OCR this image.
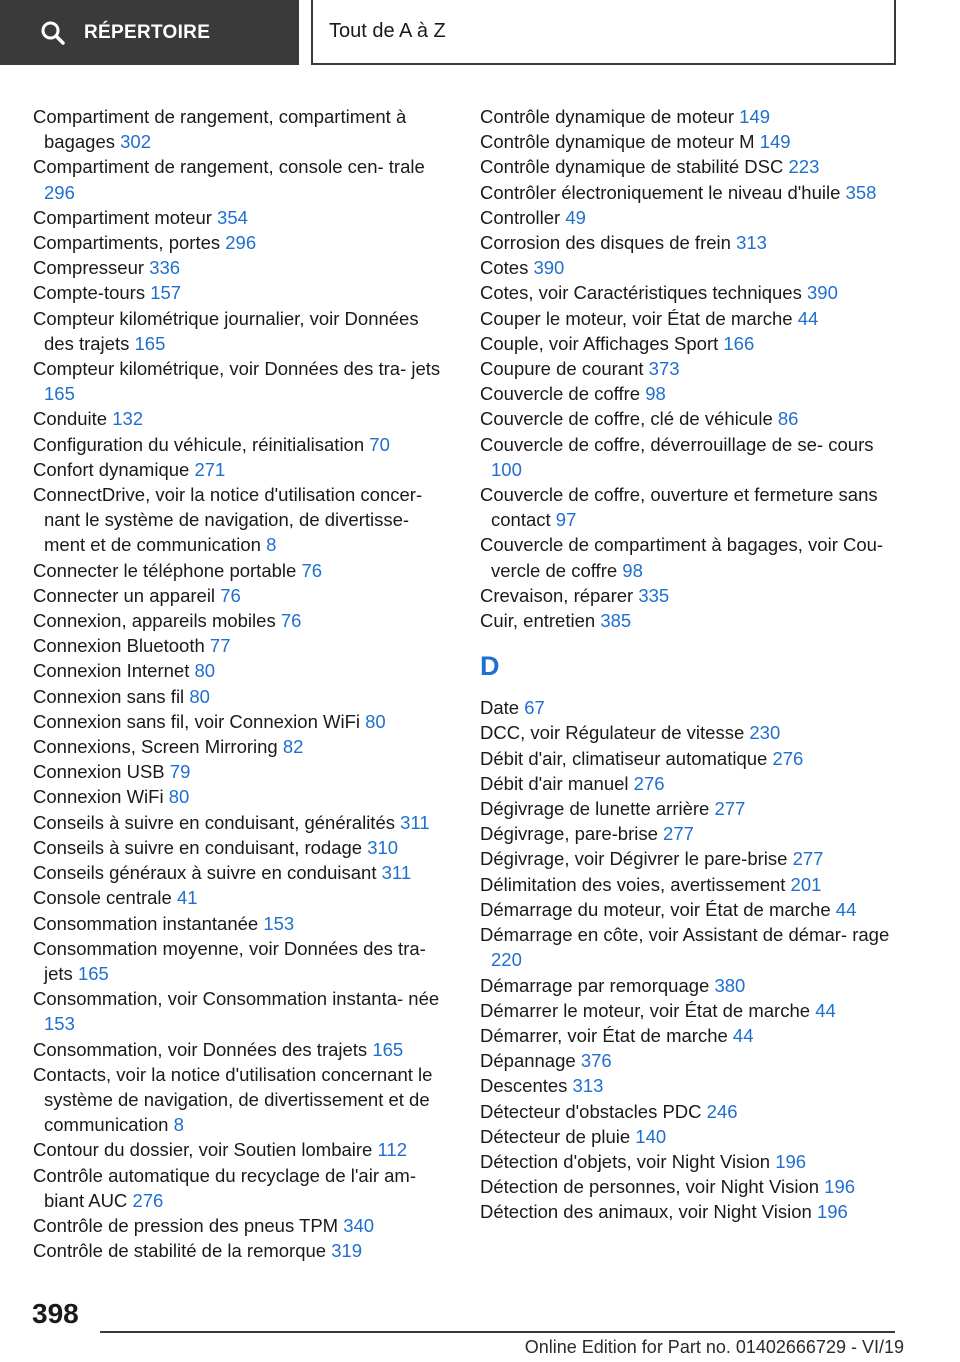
RÉPERTOIRE	Tout de A à Z
Compartiment de rangement, compartiment à bagages 302
Compartiment de rangement, console cen- trale 296
Compartiment moteur 354
Compartiments, portes 296
Compresseur 336
Compte-tours 157
Compteur kilométrique journalier, voir Données des trajets 165
Compteur kilométrique, voir Données des tra- jets 165
Conduite 132
Configuration du véhicule, réinitialisation 70
Confort dynamique 271
ConnectDrive, voir la notice d'utilisation concer- nant le système de navigation, de divertisse- ment et de communication 8
Connecter le téléphone portable 76
Connecter un appareil 76
Connexion, appareils mobiles 76
Connexion Bluetooth 77
Connexion Internet 80
Connexion sans fil 80
Connexion sans fil, voir Connexion WiFi 80
Connexions, Screen Mirroring 82
Connexion USB 79
Connexion WiFi 80
Conseils à suivre en conduisant, généralités 311
Conseils à suivre en conduisant, rodage 310
Conseils généraux à suivre en conduisant 311
Console centrale 41
Consommation instantanée 153
Consommation moyenne, voir Données des tra- jets 165
Consommation, voir Consommation instanta- née 153
Consommation, voir Données des trajets 165
Contacts, voir la notice d'utilisation concernant le système de navigation, de divertissement et de communication 8
Contour du dossier, voir Soutien lombaire 112
Contrôle automatique du recyclage de l'air am- biant AUC 276
Contrôle de pression des pneus TPM 340
Contrôle de stabilité de la remorque 319
Contrôle dynamique de moteur 149
Contrôle dynamique de moteur M 149
Contrôle dynamique de stabilité DSC 223
Contrôler électroniquement le niveau d'huile 358
Controller 49
Corrosion des disques de frein 313
Cotes 390
Cotes, voir Caractéristiques techniques 390
Couper le moteur, voir État de marche 44
Couple, voir Affichages Sport 166
Coupure de courant 373
Couvercle de coffre 98
Couvercle de coffre, clé de véhicule 86
Couvercle de coffre, déverrouillage de se- cours 100
Couvercle de coffre, ouverture et fermeture sans contact 97
Couvercle de compartiment à bagages, voir Cou- vercle de coffre 98
Crevaison, réparer 335
Cuir, entretien 385
D
Date 67
DCC, voir Régulateur de vitesse 230
Débit d'air, climatiseur automatique 276
Débit d'air manuel 276
Dégivrage de lunette arrière 277
Dégivrage, pare-brise 277
Dégivrage, voir Dégivrer le pare-brise 277
Délimitation des voies, avertissement 201
Démarrage du moteur, voir État de marche 44
Démarrage en côte, voir Assistant de démar- rage 220
Démarrage par remorquage 380
Démarrer le moteur, voir État de marche 44
Démarrer, voir État de marche 44
Dépannage 376
Descentes 313
Détecteur d'obstacles PDC 246
Détecteur de pluie 140
Détection d'objets, voir Night Vision 196
Détection de personnes, voir Night Vision 196
Détection des animaux, voir Night Vision 196
398
Online Edition for Part no. 01402666729 - VI/19
